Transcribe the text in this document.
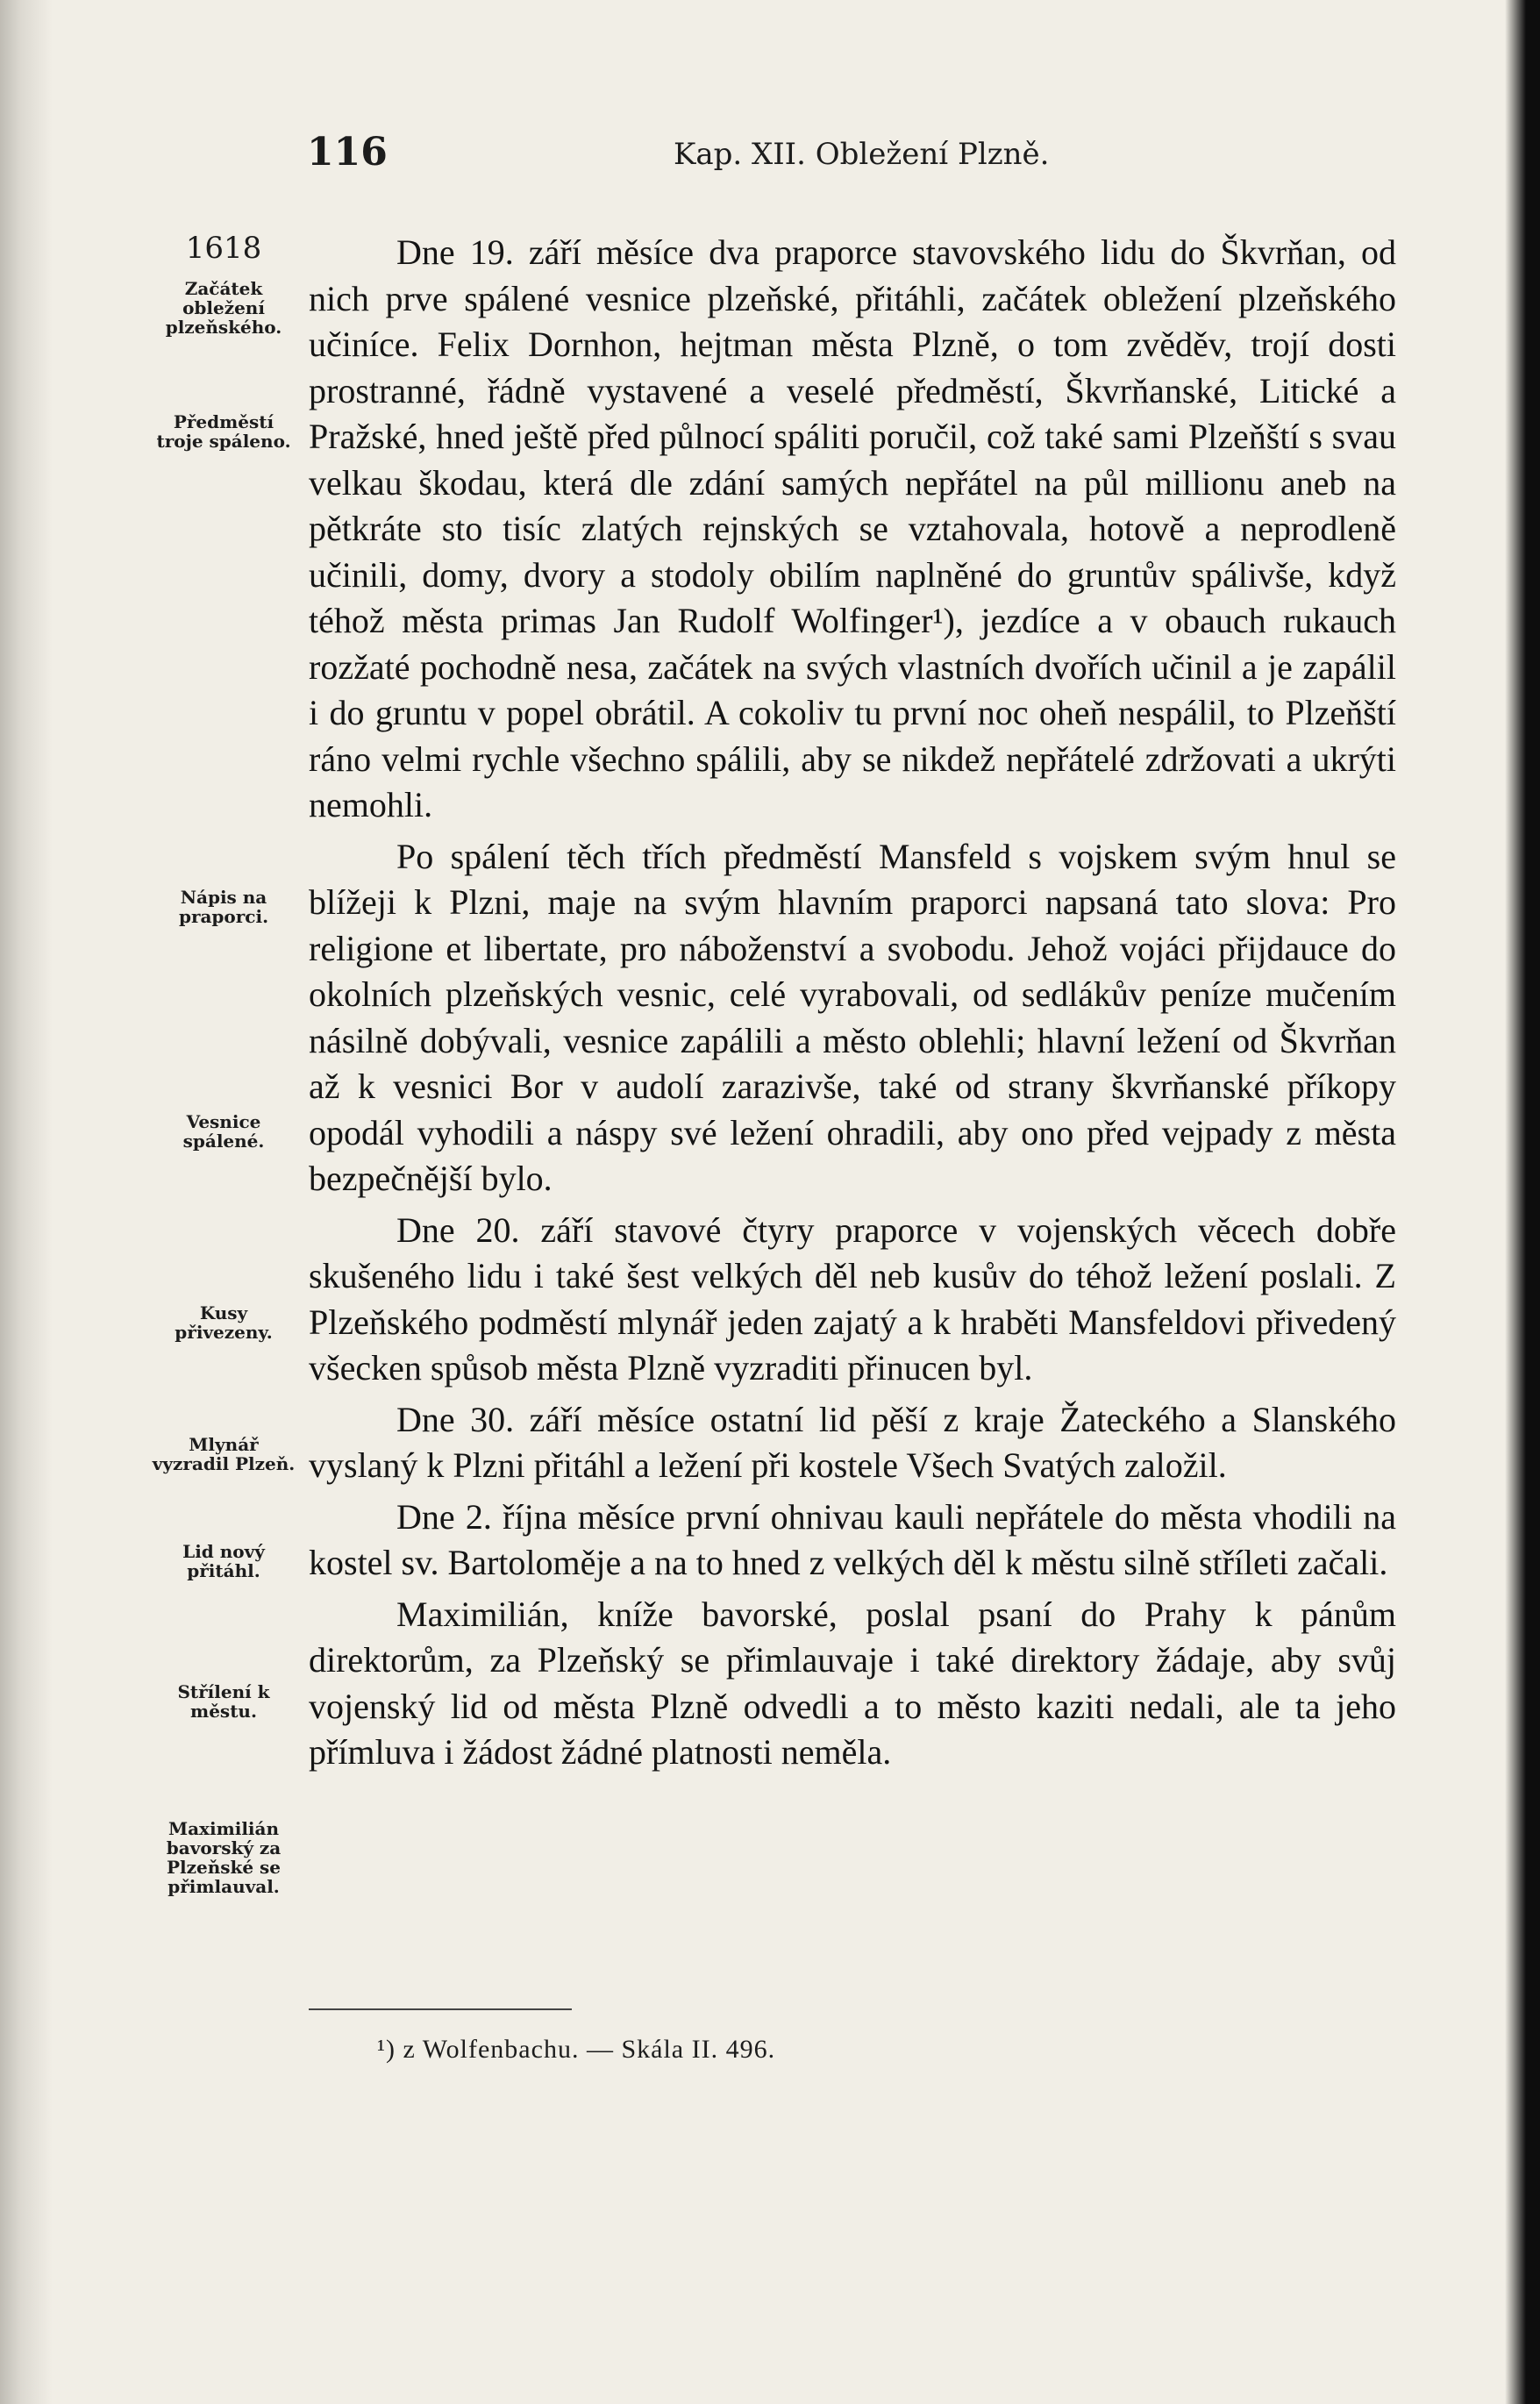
116	Kap. XII. Obležení Plzně.
1618
Začátek obležení plzeňského.
Předměstí troje spáleno.
Nápis na praporci.
Vesnice spálené.
Kusy přivezeny.
Mlynář vyzradil Plzeň.
Lid nový přitáhl.
Střílení k městu.
Maximilián bavorský za Plzeňské se přimlauval.

Dne 19. září měsíce dva praporce stavovského lidu do Škvrňan, od nich prve spálené vesnice plzeňské, přitáhli, začátek obležení plzeňského učiníce. Felix Dornhon, hejtman města Plzně, o tom zvěděv, trojí dosti prostranné, řádně vystavené a veselé předměstí, Škvrňanské, Litické a Pražské, hned ještě před půlnocí spáliti poručil, což také sami Plzeňští s svau velkau škodau, která dle zdání samých nepřátel na půl millionu aneb na pětkráte sto tisíc zlatých rejnských se vztahovala, hotově a neprodleně učinili, domy, dvory a stodoly obilím naplněné do gruntův spálivše, když téhož města primas Jan Rudolf Wolfinger¹), jezdíce a v obauch rukauch rozžaté pochodně nesa, začátek na svých vlastních dvořích učinil a je zapálil i do gruntu v popel obrátil. A cokoliv tu první noc oheň nespálil, to Plzeňští ráno velmi rychle všechno spálili, aby se nikdež nepřátelé zdržovati a ukrýti nemohli.

Po spálení těch třích předměstí Mansfeld s vojskem svým hnul se blížeji k Plzni, maje na svým hlavním praporci napsaná tato slova: Pro religione et libertate, pro náboženství a svobodu. Jehož vojáci přijdauce do okolních plzeňských vesnic, celé vyrabovali, od sedlákův peníze mučením násilně dobývali, vesnice zapálili a město oblehli; hlavní ležení od Škvrňan až k vesnici Bor v audolí zarazivše, také od strany škvrňanské příkopy opodál vyhodili a náspy své ležení ohradili, aby ono před vejpady z města bezpečnější bylo.

Dne 20. září stavové čtyry praporce v vojenských věcech dobře skušeného lidu i také šest velkých děl neb kusův do téhož ležení poslali. Z Plzeňského podměstí mlynář jeden zajatý a k hraběti Mansfeldovi přivedený všecken spůsob města Plzně vyzraditi přinucen byl.

Dne 30. září měsíce ostatní lid pěší z kraje Žateckého a Slanského vyslaný k Plzni přitáhl a ležení při kostele Všech Svatých založil.

Dne 2. října měsíce první ohnivau kauli nepřátele do města vhodili na kostel sv. Bartoloměje a na to hned z velkých děl k městu silně stříleti začali.

Maximilián, kníže bavorské, poslal psaní do Prahy k pánům direktorům, za Plzeňský se přimlauvaje i také direktory žádaje, aby svůj vojenský lid od města Plzně odvedli a to město kaziti nedali, ale ta jeho přímluva i žádost žádné platnosti neměla.

¹) z Wolfenbachu. — Skála II. 496.
